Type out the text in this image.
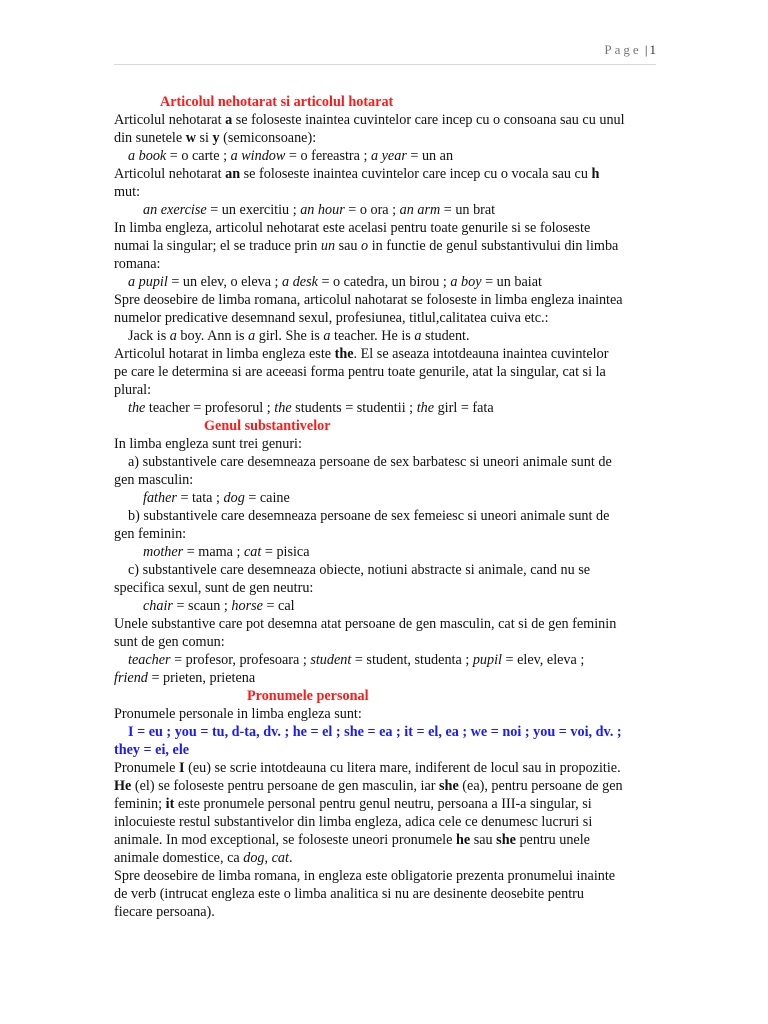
Page | 1
Articolul nehotarat si articolul hotarat
Articolul nehotarat a se foloseste inaintea cuvintelor care incep cu o consoana sau cu unul
din sunetele w si y (semiconsoane):
a book = o carte ; a window = o fereastra ; a year = un an
Articolul nehotarat an se foloseste inaintea cuvintelor care incep cu o vocala sau cu h
mut:
an exercise = un exercitiu ; an hour = o ora ; an arm = un brat
In limba engleza, articolul nehotarat este acelasi pentru toate genurile si se foloseste
numai la singular; el se traduce prin un sau o in functie de genul substantivului din limba
romana:
a pupil = un elev, o eleva ; a desk = o catedra, un birou ; a boy = un baiat
Spre deosebire de limba romana, articolul nahotarat se foloseste in limba engleza inaintea
numelor predicative desemnand sexul, profesiunea, titlul,calitatea cuiva etc.:
Jack is a boy. Ann is a girl. She is a teacher. He is a student.
Articolul hotarat in limba engleza este the. El se aseaza intotdeauna inaintea cuvintelor
pe care le determina si are aceeasi forma pentru toate genurile, atat la singular, cat si la
plural:
the teacher = profesorul ; the students = studentii ; the girl = fata
Genul substantivelor
In limba engleza sunt trei genuri:
a) substantivele care desemneaza persoane de sex barbatesc si uneori animale sunt de
gen masculin:
father = tata ; dog = caine
b) substantivele care desemneaza persoane de sex femeiesc si uneori animale sunt de
gen feminin:
mother = mama ; cat = pisica
c) substantivele care desemneaza obiecte, notiuni abstracte si animale, cand nu se
specifica sexul, sunt de gen neutru:
chair = scaun ; horse = cal
Unele substantive care pot desemna atat persoane de gen masculin, cat si de gen feminin
sunt de gen comun:
teacher = profesor, profesoara ; student = student, studenta ; pupil = elev, eleva ;
friend = prieten, prietena
Pronumele personal
Pronumele personale in limba engleza sunt:
I = eu ; you = tu, d-ta, dv. ; he = el ; she = ea ; it = el, ea ; we = noi ; you = voi, dv. ;
they = ei, ele
Pronumele I (eu) se scrie intotdeauna cu litera mare, indiferent de locul sau in propozitie.
He (el) se foloseste pentru persoane de gen masculin, iar she (ea), pentru persoane de gen
feminin; it este pronumele personal pentru genul neutru, persoana a III-a singular, si
inlocuieste restul substantivelor din limba engleza, adica cele ce denumesc lucruri si
animale. In mod exceptional, se foloseste uneori pronumele he sau she pentru unele
animale domestice, ca dog, cat.
Spre deosebire de limba romana, in engleza este obligatorie prezenta pronumelui inainte
de verb (intrucat engleza este o limba analitica si nu are desinente deosebite pentru
fiecare persoana).
